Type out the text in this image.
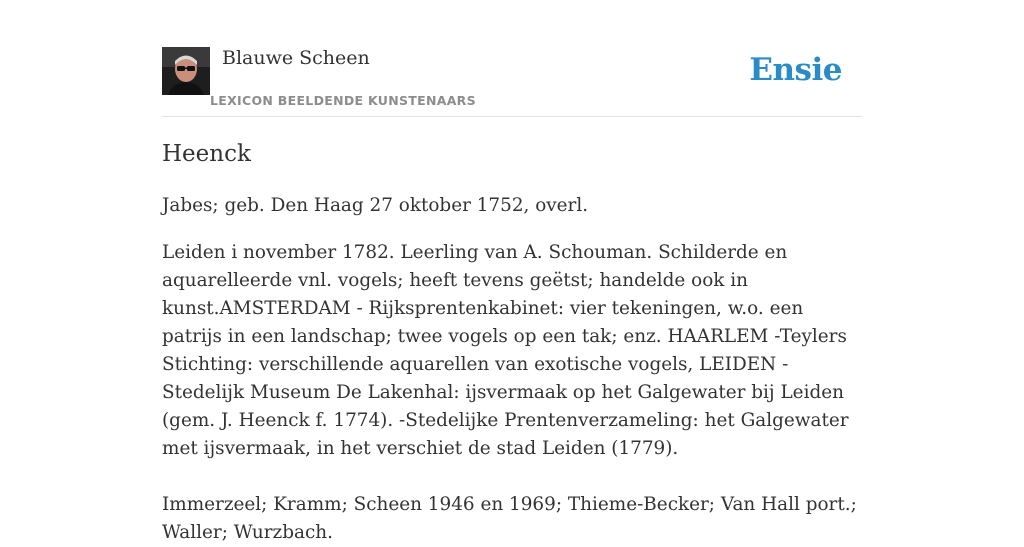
Blauwe Scheen
LEXICON BEELDENDE KUNSTENAARS
Ensie
Heenck

Jabes; geb. Den Haag 27 oktober 1752, overl.

Leiden i november 1782. Leerling van A. Schouman. Schilderde en aquarelleerde vnl. vogels; heeft tevens geëtst; handelde ook in kunst.AMSTERDAM - Rijksprentenkabinet: vier tekeningen, w.o. een patrijs in een landschap; twee vogels op een tak; enz. HAARLEM -Teylers Stichting: verschillende aquarellen van exotische vogels, LEIDEN -Stedelijk Museum De Lakenhal: ijsvermaak op het Galgewater bij Leiden (gem. J. Heenck f. 1774). -Stedelijke Prentenverzameling: het Galgewater met ijsvermaak, in het verschiet de stad Leiden (1779).

Immerzeel; Kramm; Scheen 1946 en 1969; Thieme-Becker; Van Hall port.; Waller; Wurzbach.
